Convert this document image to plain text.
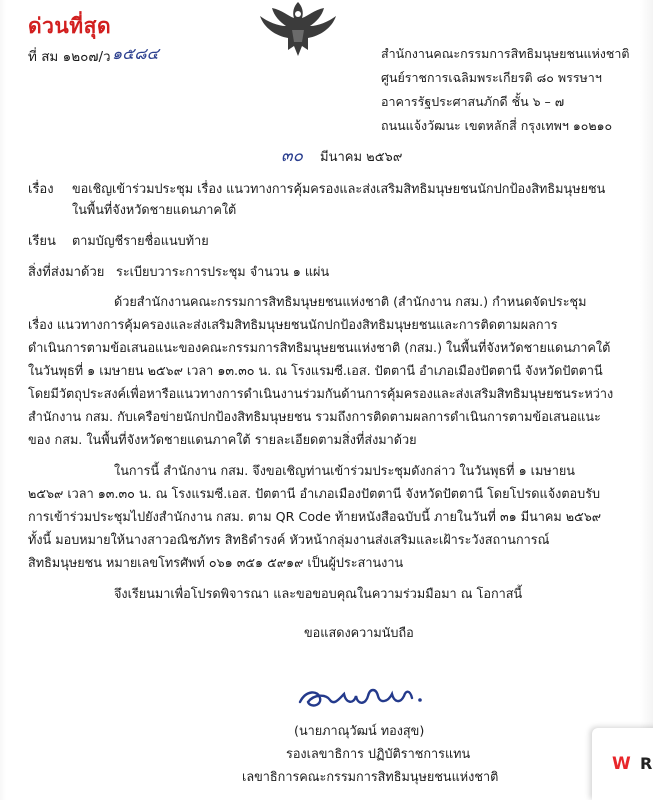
ด่วนที่สุด
ที่ สม ๑๒๐๗/ว ๑๕๘๔	สำนักงานคณะกรรมการสิทธิมนุษยชนแห่งชาติ
ศูนย์ราชการเฉลิมพระเกียรติ ๘๐ พรรษาฯ
อาคารรัฐประศาสนภักดี ชั้น ๖ – ๗
ถนนแจ้งวัฒนะ เขตหลักสี่ กรุงเทพฯ ๑๐๒๑๐
๓๐ มีนาคม ๒๕๖๙
เรื่อง ขอเชิญเข้าร่วมประชุม เรื่อง แนวทางการคุ้มครองและส่งเสริมสิทธิมนุษยชนนักปกป้องสิทธิมนุษยชน
ในพื้นที่จังหวัดชายแดนภาคใต้
เรียน ตามบัญชีรายชื่อแนบท้าย
สิ่งที่ส่งมาด้วย ระเบียบวาระการประชุม จำนวน ๑ แผ่น
ด้วยสำนักงานคณะกรรมการสิทธิมนุษยชนแห่งชาติ (สำนักงาน กสม.) กำหนดจัดประชุม
เรื่อง แนวทางการคุ้มครองและส่งเสริมสิทธิมนุษยชนนักปกป้องสิทธิมนุษยชนและการติดตามผลการ
ดำเนินการตามข้อเสนอแนะของคณะกรรมการสิทธิมนุษยชนแห่งชาติ (กสม.) ในพื้นที่จังหวัดชายแดนภาคใต้
ในวันพุธที่ ๑ เมษายน ๒๕๖๙ เวลา ๑๓.๓๐ น. ณ โรงแรมซี.เอส. ปัตตานี อำเภอเมืองปัตตานี จังหวัดปัตตานี
โดยมีวัตถุประสงค์เพื่อหารือแนวทางการดำเนินงานร่วมกันด้านการคุ้มครองและส่งเสริมสิทธิมนุษยชนระหว่าง
สำนักงาน กสม. กับเครือข่ายนักปกป้องสิทธิมนุษยชน รวมถึงการติดตามผลการดำเนินการตามข้อเสนอแนะ
ของ กสม. ในพื้นที่จังหวัดชายแดนภาคใต้ รายละเอียดตามสิ่งที่ส่งมาด้วย
ในการนี้ สำนักงาน กสม. จึงขอเชิญท่านเข้าร่วมประชุมดังกล่าว ในวันพุธที่ ๑ เมษายน
๒๕๖๙ เวลา ๑๓.๓๐ น. ณ โรงแรมซี.เอส. ปัตตานี อำเภอเมืองปัตตานี จังหวัดปัตตานี โดยโปรดแจ้งตอบรับ
การเข้าร่วมประชุมไปยังสำนักงาน กสม. ตาม QR Code ท้ายหนังสือฉบับนี้ ภายในวันที่ ๓๑ มีนาคม ๒๕๖๙
ทั้งนี้ มอบหมายให้นางสาวอณิชภัทร สิทธิดำรงค์ หัวหน้ากลุ่มงานส่งเสริมและเฝ้าระวังสถานการณ์
สิทธิมนุษยชน หมายเลขโทรศัพท์ ๐๖๑ ๓๕๑ ๕๙๑๙ เป็นผู้ประสานงาน
จึงเรียนมาเพื่อโปรดพิจารณา และขอขอบคุณในความร่วมมือมา ณ โอกาสนี้
ขอแสดงความนับถือ
(นายภาณุวัฒน์ ทองสุข)
รองเลขาธิการ ปฏิบัติราชการแทน
เลขาธิการคณะกรรมการสิทธิมนุษยชนแห่งชาติ
W R
